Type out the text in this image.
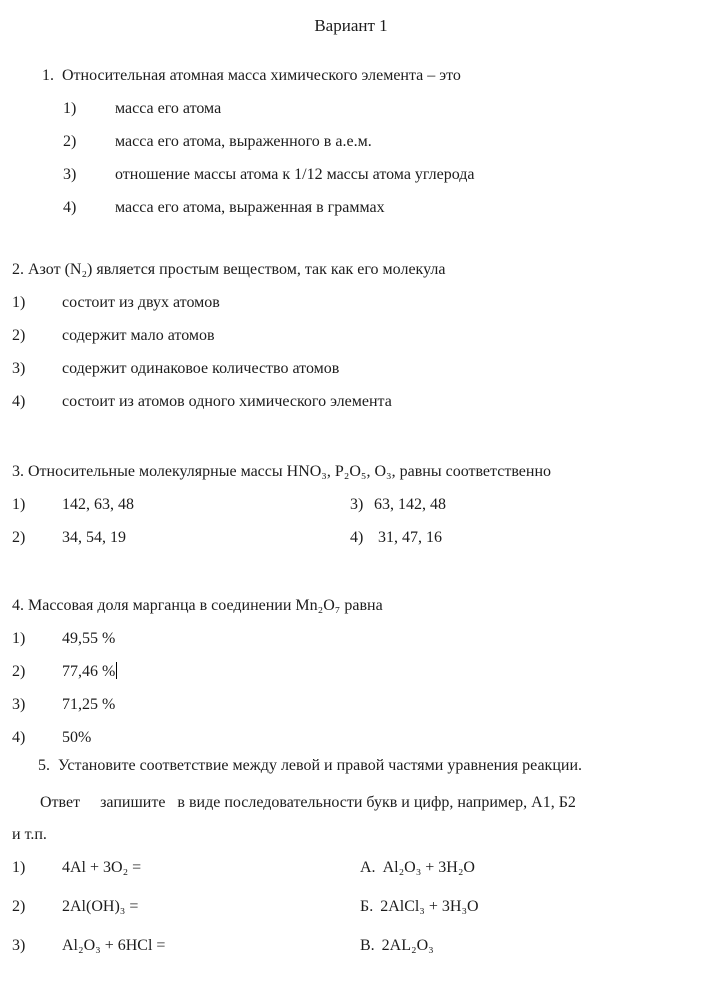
Вариант 1
1.  Относительная атомная масса химического элемента – это
1)	масса его атома
2)	масса его атома, выраженного в а.е.м.
3)	отношение массы атома к 1/12 массы атома углерода
4)	масса его атома, выраженная в граммах
2. Азот (N₂) является простым веществом, так как его молекула
1)	состоит из двух атомов
2)	содержит мало атомов
3)	содержит одинаковое количество атомов
4)	состоит из атомов одного химического элемента
3. Относительные молекулярные массы HNO₃, P₂O₅, O₃, равны соответственно
1)	142, 63, 48	3) 63, 142, 48
2)	34, 54, 19	4) 31, 47, 16
4. Массовая доля марганца в соединении Mn₂O₇ равна
1)	49,55 %
2)	77,46 %
3)	71,25 %
4)	50%
5.  Установите соответствие между левой и правой частями уравнения реакции.
Ответ     запишите   в виде последовательности букв и цифр, например, А1, Б2
и т.п.
1)	4Al + 3O₂ =	А. Al₂O₃ + 3H₂O
2)	2Al(OH)₃ =	Б. 2AlCl₃ + 3H₃O
3)	Al₂O₃ + 6HCl =	В. 2AL₂O₃
